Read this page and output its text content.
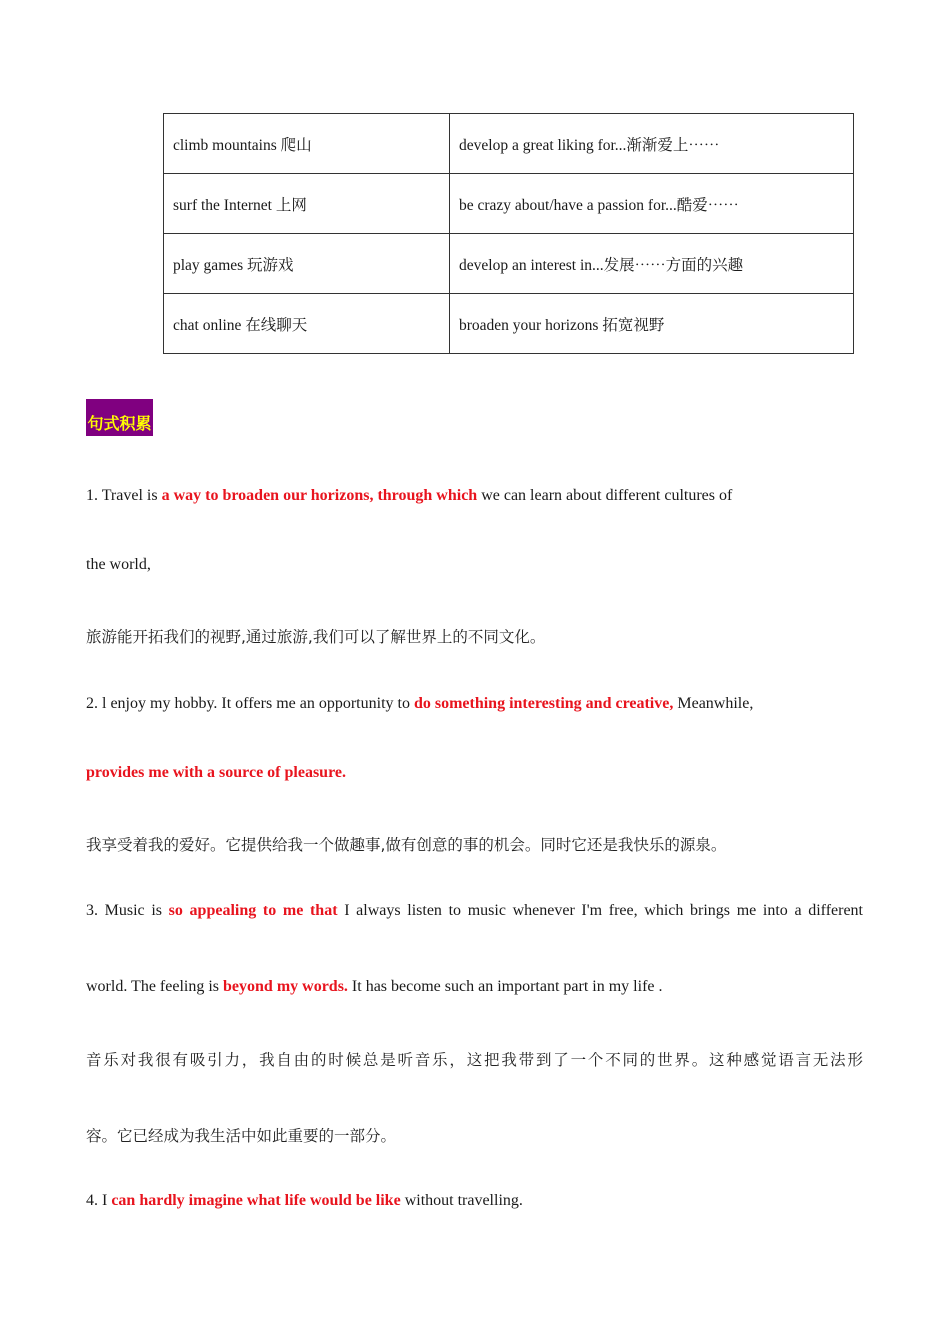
climb mountains 爬山	develop a great liking for...渐渐爱上⋯⋯
surf the Internet 上网	be crazy about/have a passion for...酷爱⋯⋯
play games 玩游戏	develop an interest in...发展⋯⋯方面的兴趣
chat online 在线聊天	broaden your horizons 拓宽视野
句式积累
1. Travel is a way to broaden our horizons, through which we can learn about different cultures of
the world,
旅游能开拓我们的视野,通过旅游,我们可以了解世界上的不同文化。
2. l enjoy my hobby. It offers me an opportunity to do something interesting and creative, Meanwhile,
provides me with a source of pleasure.
我享受着我的爱好。它提供给我一个做趣事,做有创意的事的机会。同时它还是我快乐的源泉。
3. Music is so appealing to me that I always listen to music whenever I'm free, which brings me into a different
world. The feeling is beyond my words. It has become such an important part in my life .
音乐对我很有吸引力，我自由的时候总是听音乐，这把我带到了一个不同的世界。这种感觉语言无法形
容。它已经成为我生活中如此重要的一部分。
4. I can hardly imagine what life would be like without travelling.
